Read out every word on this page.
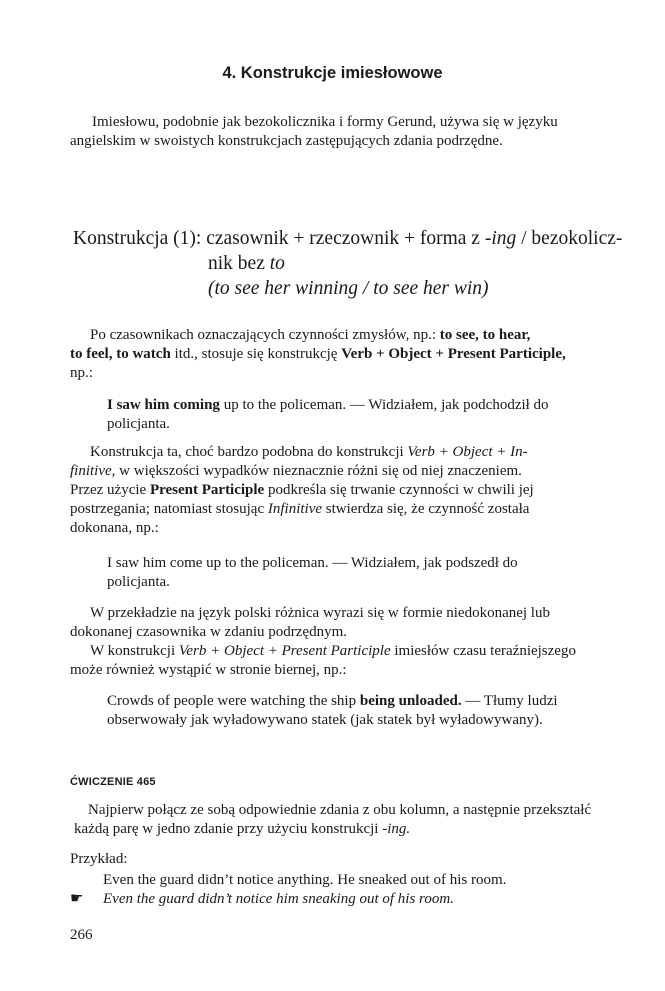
4. Konstrukcje imiesłowowe
Imiesłowu, podobnie jak bezokolicznika i formy Gerund, używa się w języku
angielskim w swoistych konstrukcjach zastępujących zdania podrzędne.
Konstrukcja (1): czasownik + rzeczownik + forma z -ing / bezokolicz-
nik bez to
(to see her winning / to see her win)
Po czasownikach oznaczających czynności zmysłów, np.: to see, to hear,
to feel, to watch itd., stosuje się konstrukcję Verb + Object + Present Participle,
np.:
I saw him coming up to the policeman. — Widziałem, jak podchodził do
policjanta.
Konstrukcja ta, choć bardzo podobna do konstrukcji Verb + Object + In-
finitive, w większości wypadków nieznacznie różni się od niej znaczeniem.
Przez użycie Present Participle podkreśla się trwanie czynności w chwili jej
postrzegania; natomiast stosując Infinitive stwierdza się, że czynność została
dokonana, np.:
I saw him come up to the policeman. — Widziałem, jak podszedł do
policjanta.
W przekładzie na język polski różnica wyrazi się w formie niedokonanej lub
dokonanej czasownika w zdaniu podrzędnym.
W konstrukcji Verb + Object + Present Participle imiesłów czasu teraźniejszego
może również wystąpić w stronie biernej, np.:
Crowds of people were watching the ship being unloaded. — Tłumy ludzi
obserwowały jak wyładowywano statek (jak statek był wyładowywany).
ĆWICZENIE 465
Najpierw połącz ze sobą odpowiednie zdania z obu kolumn, a następnie przekształć
każdą parę w jedno zdanie przy użyciu konstrukcji -ing.
Przykład:
Even the guard didn’t notice anything. He sneaked out of his room.
☛ Even the guard didn’t notice him sneaking out of his room.
266
